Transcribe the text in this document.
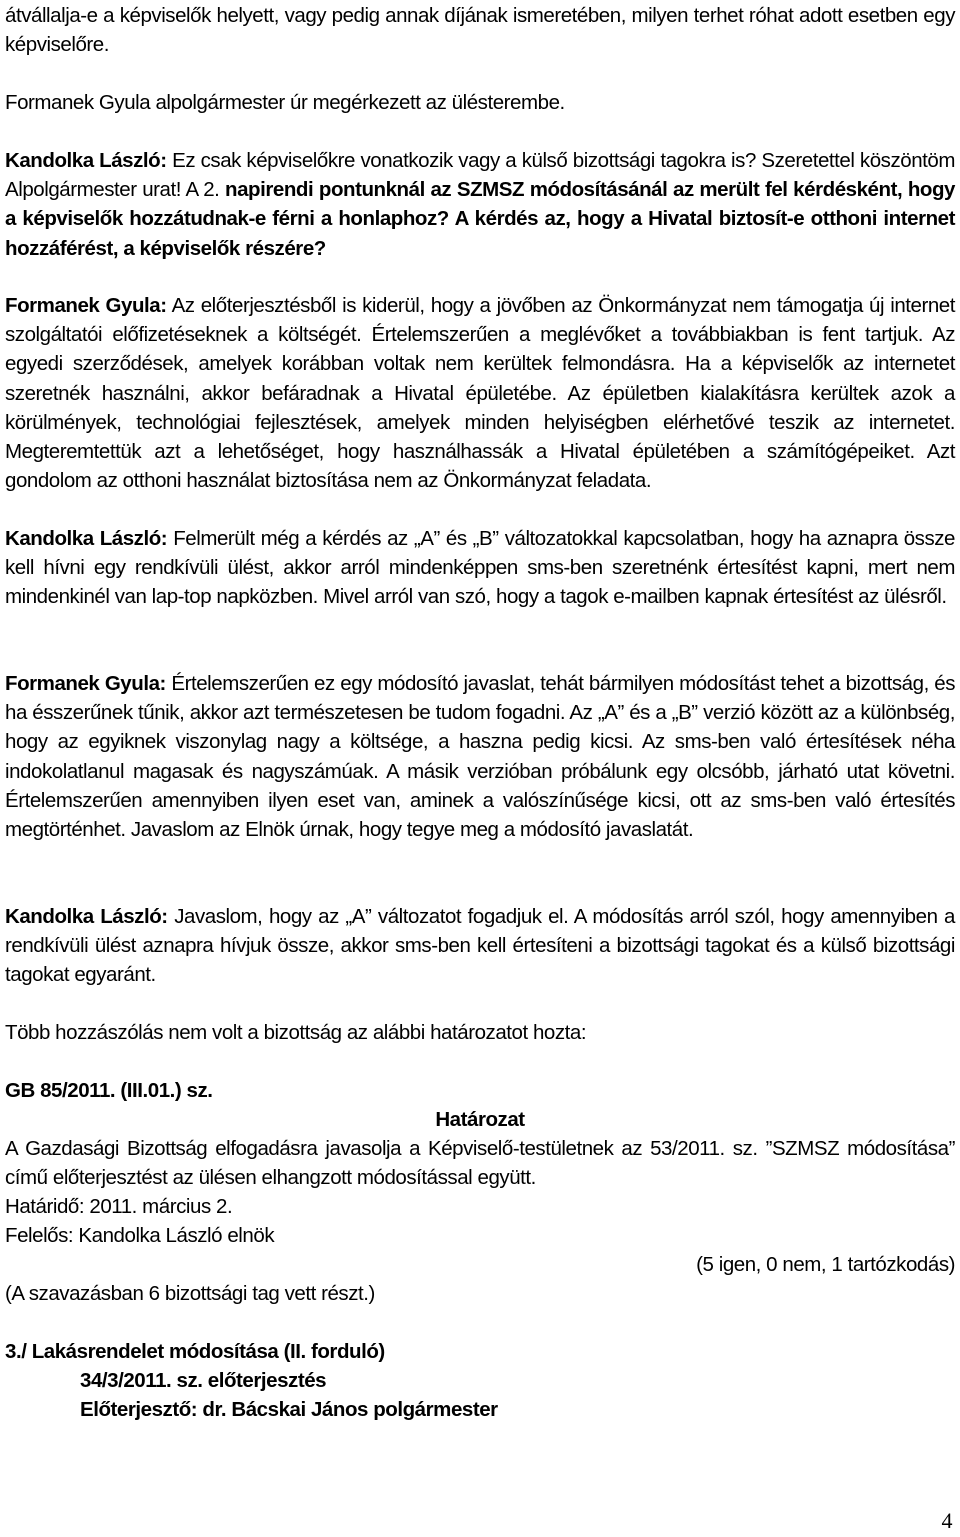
átvállalja-e a képviselők helyett, vagy pedig annak díjának ismeretében, milyen terhet róhat adott esetben egy képviselőre.

Formanek Gyula alpolgármester úr megérkezett az ülésterembe.

Kandolka László: Ez csak képviselőkre vonatkozik vagy a külső bizottsági tagokra is? Szeretettel köszöntöm Alpolgármester urat! A 2. napirendi pontunknál az SZMSZ módosításánál az merült fel kérdésként, hogy a képviselők hozzátudnak-e férni a honlaphoz? A kérdés az, hogy a Hivatal biztosít-e otthoni internet hozzáférést, a képviselők részére?

Formanek Gyula: Az előterjesztésből is kiderül, hogy a jövőben az Önkormányzat nem támogatja új internet szolgáltatói előfizetéseknek a költségét. Értelemszerűen a meglévőket a továbbiakban is fent tartjuk. Az egyedi szerződések, amelyek korábban voltak nem kerültek felmondásra. Ha a képviselők az internetet szeretnék használni, akkor befáradnak a Hivatal épületébe. Az épületben kialakításra kerültek azok a körülmények, technológiai fejlesztések, amelyek minden helyiségben elérhetővé teszik az internetet. Megteremtettük azt a lehetőséget, hogy használhassák a Hivatal épületében a számítógépeiket. Azt gondolom az otthoni használat biztosítása nem az Önkormányzat feladata.

Kandolka László: Felmerült még a kérdés az „A” és „B” változatokkal kapcsolatban, hogy ha aznapra össze kell hívni egy rendkívüli ülést, akkor arról mindenképpen sms-ben szeretnénk értesítést kapni, mert nem mindenkinél van lap-top napközben. Mivel arról van szó, hogy a tagok e-mailben kapnak értesítést az ülésről.

Formanek Gyula: Értelemszerűen ez egy módosító javaslat, tehát bármilyen módosítást tehet a bizottság, és ha ésszerűnek tűnik, akkor azt természetesen be tudom fogadni. Az „A” és a „B” verzió között az a különbség, hogy az egyiknek viszonylag nagy a költsége, a haszna pedig kicsi. Az sms-ben való értesítések néha indokolatlanul magasak és nagyszámúak. A másik verzióban próbálunk egy olcsóbb, járható utat követni. Értelemszerűen amennyiben ilyen eset van, aminek a valószínűsége kicsi, ott az sms-ben való értesítés megtörténhet. Javaslom az Elnök úrnak, hogy tegye meg a módosító javaslatát.

Kandolka László: Javaslom, hogy az „A” változatot fogadjuk el. A módosítás arról szól, hogy amennyiben a rendkívüli ülést aznapra hívjuk össze, akkor sms-ben kell értesíteni a bizottsági tagokat és a külső bizottsági tagokat egyaránt.

Több hozzászólás nem volt a bizottság az alábbi határozatot hozta:

GB 85/2011. (III.01.) sz.

Határozat

A Gazdasági Bizottság elfogadásra javasolja a Képviselő-testületnek az 53/2011. sz. ”SZMSZ módosítása” című előterjesztést az ülésen elhangzott módosítással együtt.

Határidő: 2011. március 2.

Felelős: Kandolka László elnök

(5 igen, 0 nem, 1 tartózkodás)

(A szavazásban 6 bizottsági tag vett részt.)

3./ Lakásrendelet módosítása (II. forduló)

34/3/2011. sz. előterjesztés

Előterjesztő: dr. Bácskai János polgármester

4
